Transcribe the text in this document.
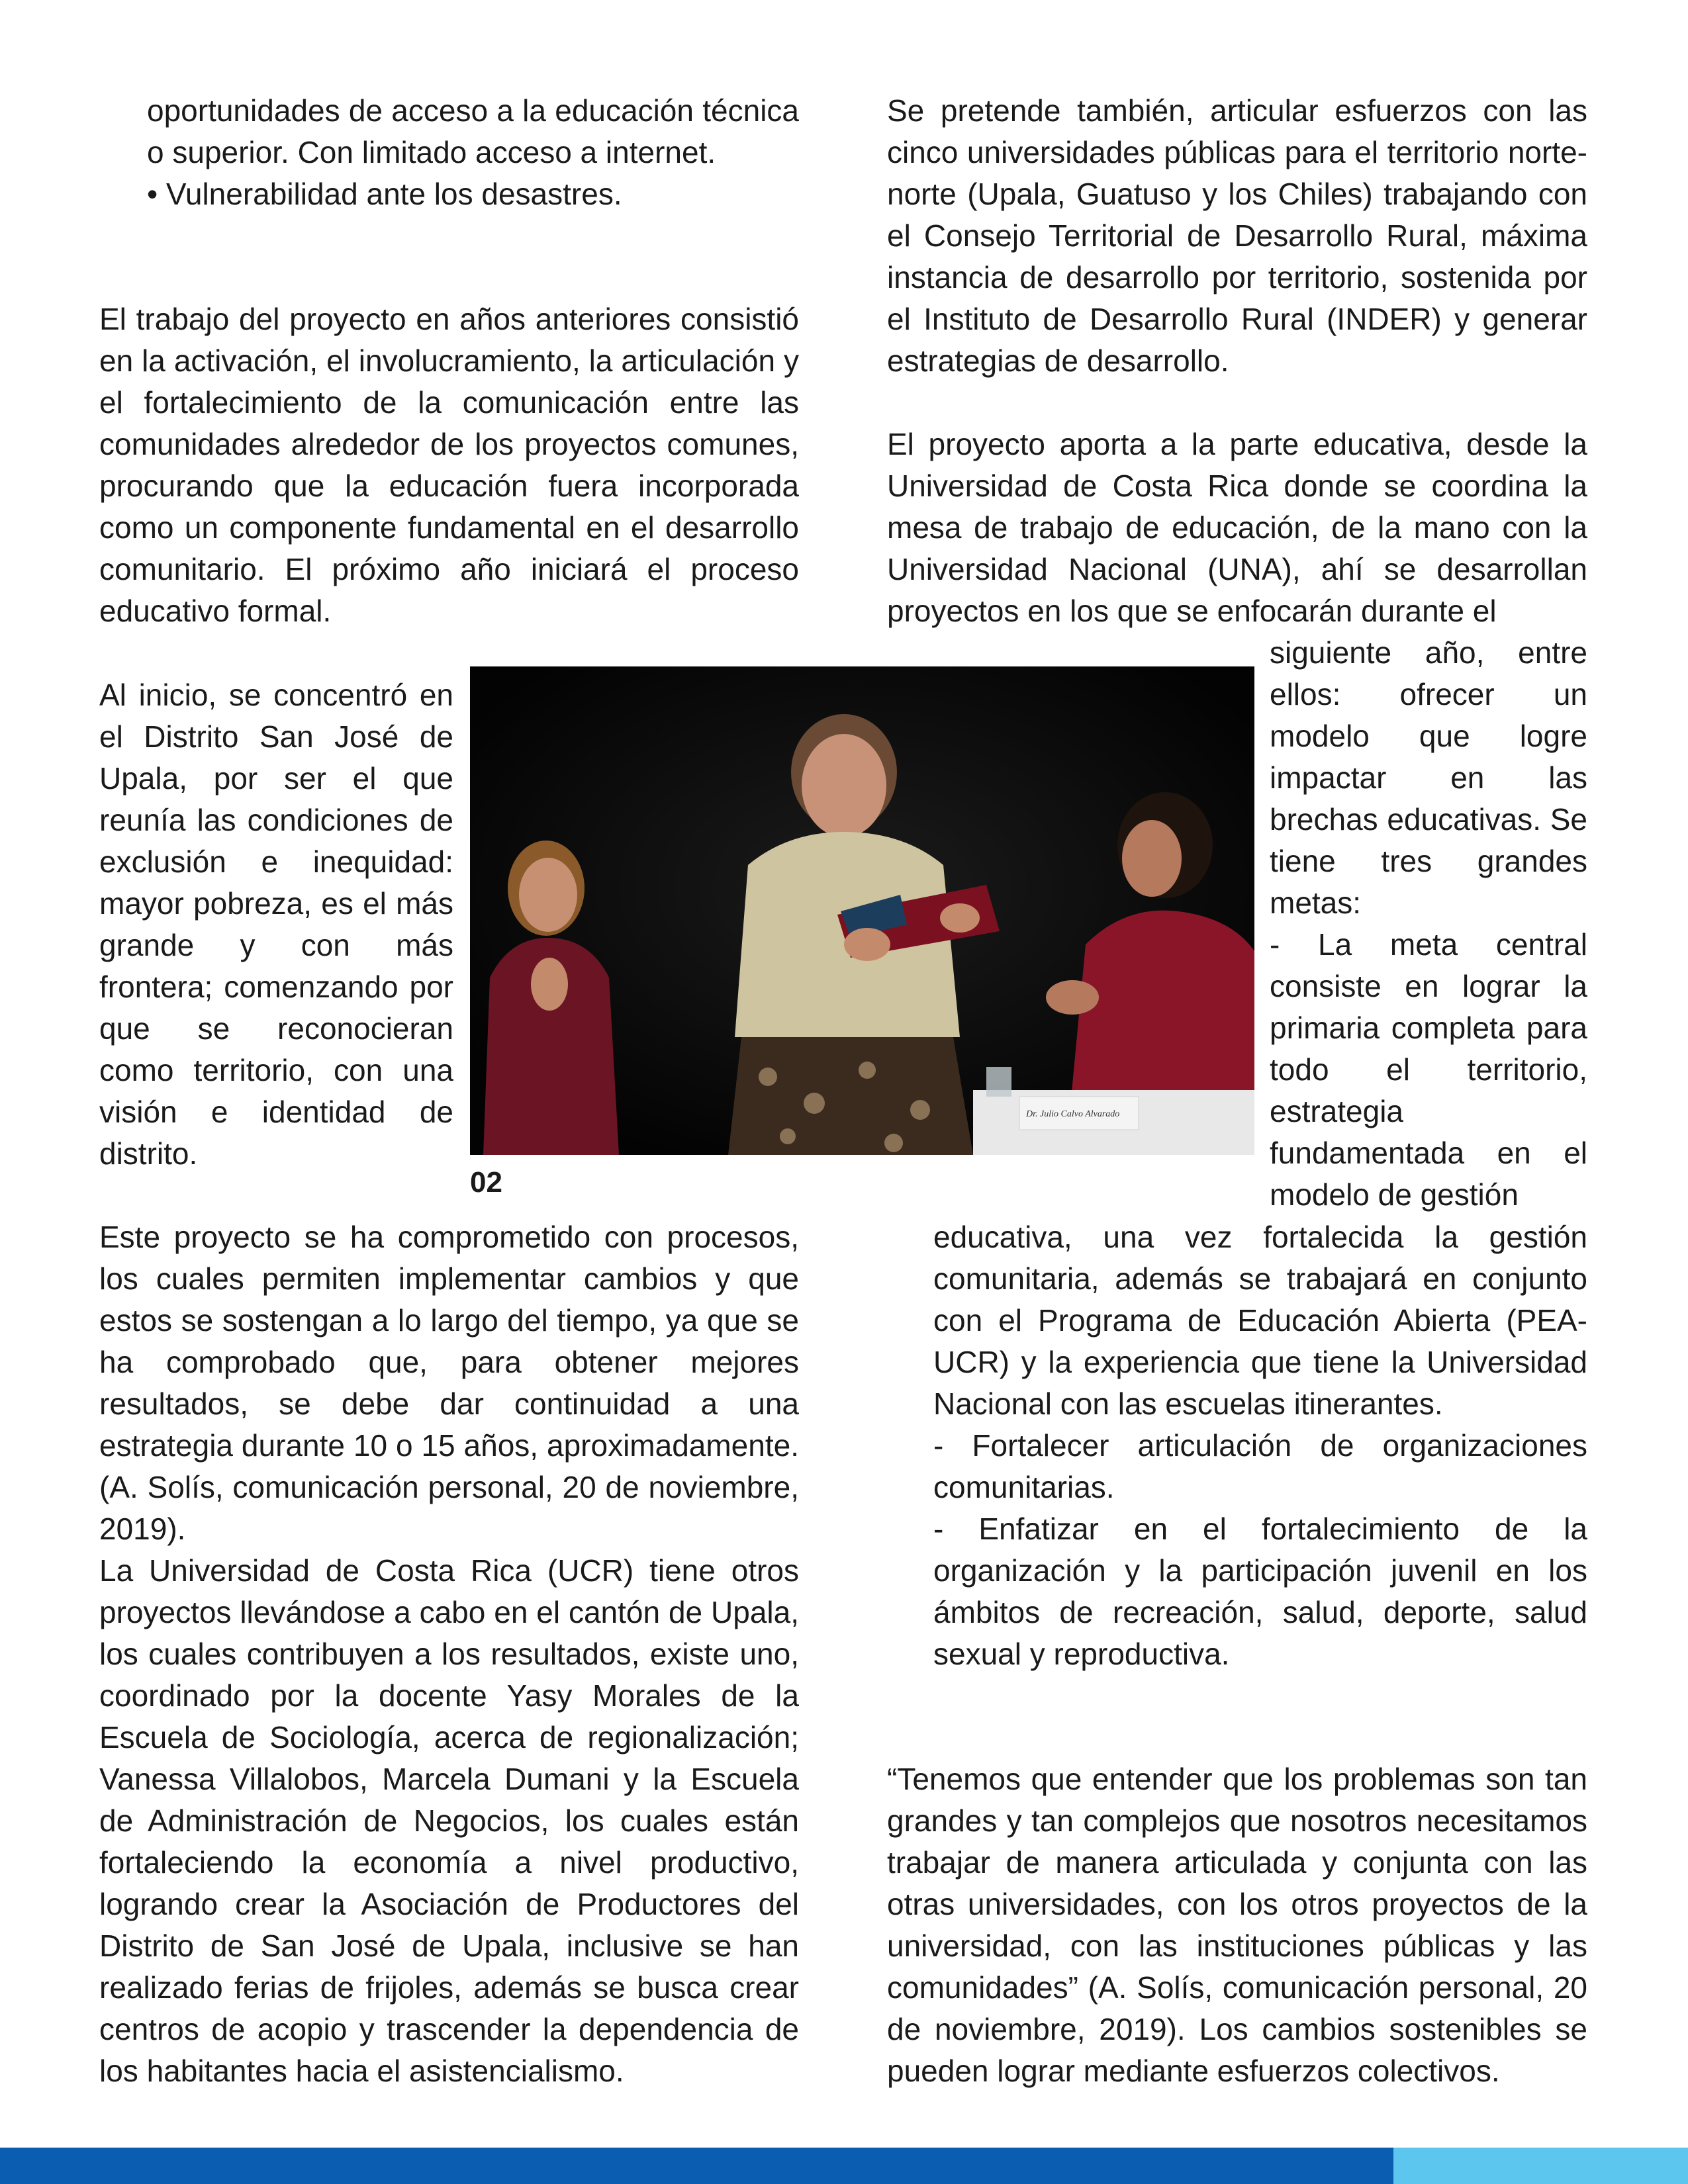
oportunidades de acceso a la educación técnica o superior. Con limitado acceso a internet.

• Vulnerabilidad ante los desastres.

El trabajo del proyecto en años anteriores consistió en la activación, el involucramiento, la articulación y el fortalecimiento de la comunicación entre las comunidades alrededor de los proyectos comunes, procurando que la educación fuera incorporada como un componente fundamental en el desarrollo comunitario. El próximo año iniciará el proceso educativo formal.

Al inicio, se concentró en el Distrito San José de Upala, por ser el que reunía las condiciones de exclusión e inequidad: mayor pobreza, es el más grande y con más frontera; comenzando por que se reconocieran como territorio, con una visión e identidad de distrito.

Este proyecto se ha comprometido con procesos, los cuales permiten implementar cambios y que estos se sostengan a lo largo del tiempo, ya que se ha comprobado que, para obtener mejores resultados, se debe dar continuidad a una estrategia durante 10 o 15 años, aproximadamente. (A. Solís, comunicación personal, 20 de noviembre, 2019).

La Universidad de Costa Rica (UCR) tiene otros proyectos llevándose a cabo en el cantón de Upala, los cuales contribuyen a los resultados, existe uno, coordinado por la docente Yasy Morales de la Escuela de Sociología, acerca de regionalización; Vanessa Villalobos, Marcela Dumani y la Escuela de Administración de Negocios, los cuales están fortaleciendo la economía a nivel productivo, logrando crear la Asociación de Productores del Distrito de San José de Upala, inclusive se han realizado ferias de frijoles, además se busca crear centros de acopio y trascender la dependencia de los habitantes hacia el asistencialismo.

Dr. Julio Calvo Alvarado
02

Se pretende también, articular esfuerzos con las cinco universidades públicas para el territorio norte-norte (Upala, Guatuso y los Chiles) trabajando con el Consejo Territorial de Desarrollo Rural, máxima instancia de desarrollo por territorio, sostenida por el Instituto de Desarrollo Rural (INDER) y generar estrategias de desarrollo.

El proyecto aporta a la parte educativa, desde la Universidad de Costa Rica donde se coordina la mesa de trabajo de educación, de la mano con la Universidad Nacional (UNA), ahí se desarrollan proyectos en los que se enfocarán durante el

siguiente año, entre ellos: ofrecer un modelo que logre impactar en las brechas educativas. Se tiene tres grandes metas:

- La meta central consiste en lograr la primaria completa para todo el territorio, estrategia fundamentada en el modelo de gestión

educativa, una vez fortalecida la gestión comunitaria, además se trabajará en conjunto con el Programa de Educación Abierta (PEA-UCR) y la experiencia que tiene la Universidad Nacional con las escuelas itinerantes.

- Fortalecer articulación de organizaciones comunitarias.

- Enfatizar en el fortalecimiento de la organización y la participación juvenil en los ámbitos de recreación, salud, deporte, salud sexual y reproductiva.

“Tenemos que entender que los problemas son tan grandes y tan complejos que nosotros necesitamos trabajar de manera articulada y conjunta con las otras universidades, con los otros proyectos de la universidad, con las instituciones públicas y las comunidades” (A. Solís, comunicación personal, 20 de noviembre, 2019). Los cambios sostenibles se pueden lograr mediante esfuerzos colectivos.
